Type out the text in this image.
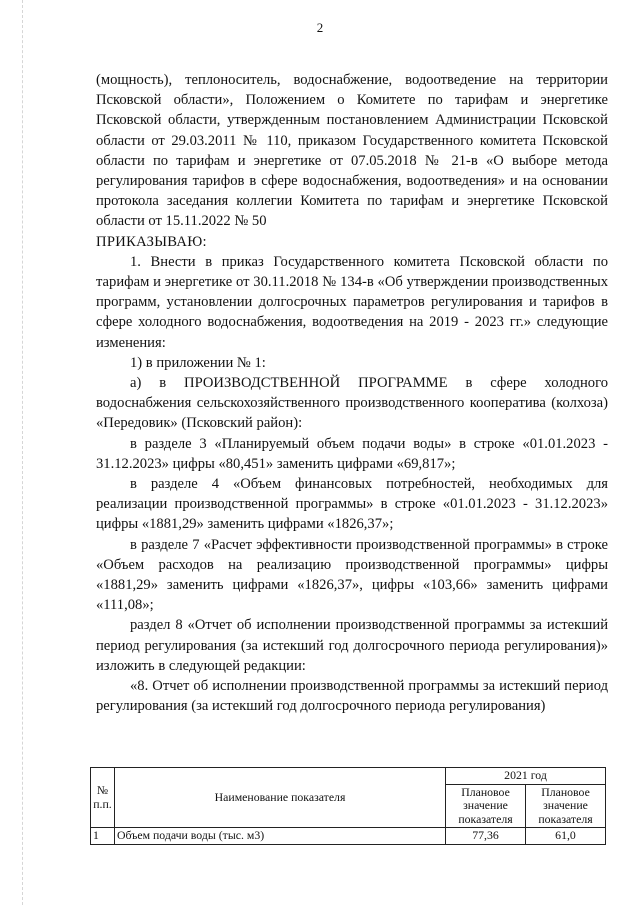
2

(мощность), теплоноситель, водоснабжение, водоотведение на территории Псковской области», Положением о Комитете по тарифам и энергетике Псковской области, утвержденным постановлением Администрации Псковской области от 29.03.2011 № 110, приказом Государственного комитета Псковской области по тарифам и энергетике от 07.05.2018 № 21-в «О выборе метода регулирования тарифов в сфере водоснабжения, водоотведения» и на основании протокола заседания коллегии Комитета по тарифам и энергетике Псковской области от 15.11.2022 № 50

ПРИКАЗЫВАЮ:

1. Внести в приказ Государственного комитета Псковской области по тарифам и энергетике от 30.11.2018 № 134-в «Об утверждении производственных программ, установлении долгосрочных параметров регулирования и тарифов в сфере холодного водоснабжения, водоотведения на 2019 - 2023 гг.» следующие изменения:

1) в приложении № 1:

а) в ПРОИЗВОДСТВЕННОЙ ПРОГРАММЕ в сфере холодного водоснабжения сельскохозяйственного производственного кооператива (колхоза) «Передовик» (Псковский район):

в разделе 3 «Планируемый объем подачи воды» в строке «01.01.2023 - 31.12.2023» цифры «80,451» заменить цифрами «69,817»;

в разделе 4 «Объем финансовых потребностей, необходимых для реализации производственной программы» в строке «01.01.2023 - 31.12.2023» цифры «1881,29» заменить цифрами «1826,37»;

в разделе 7 «Расчет эффективности производственной программы» в строке «Объем расходов на реализацию производственной программы» цифры «1881,29» заменить цифрами «1826,37», цифры «103,66» заменить цифрами «111,08»;

раздел 8 «Отчет об исполнении производственной программы за истекший период регулирования (за истекший год долгосрочного периода регулирования)» изложить в следующей редакции:

«8. Отчет об исполнении производственной программы за истекший период регулирования (за истекший год долгосрочного периода регулирования)

№ п.п.	Наименование показателя	2021 год	
		Плановое значение показателя	Плановое значение показателя
1	Объем подачи воды (тыс. м3)	77,36	61,0
